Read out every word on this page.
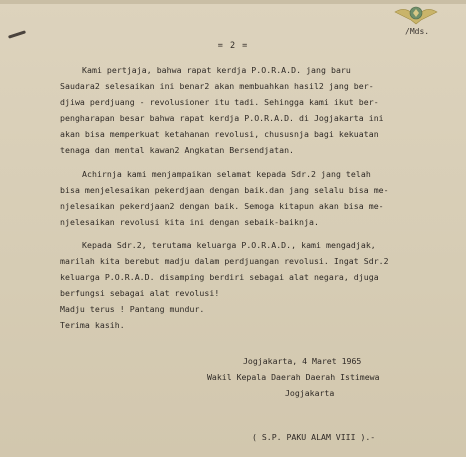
/Mds.
= 2 =
Kami pertjaja, bahwa rapat kerdja P.O.R.A.D. jang baru
Saudara2 selesaikan ini benar2 akan membuahkan hasil2 jang ber-
djiwa perdjuang - revolusioner itu tadi. Sehingga kami ikut ber-
pengharapan besar bahwa rapat kerdja P.O.R.A.D. di Jogjakarta ini
akan bisa memperkuat ketahanan revolusi, chususnja bagi kekuatan
tenaga dan mental kawan2 Angkatan Bersendjatan.
Achirnja kami menjampaikan selamat kepada Sdr.2 jang telah
bisa menjelesaikan pekerdjaan dengan baik.dan jang selalu bisa me-
njelesaikan pekerdjaan2 dengan baik. Semoga kitapun akan bisa me-
njelesaikan revolusi kita ini dengan sebaik-baiknja.
Kepada Sdr.2, terutama keluarga P.O.R.A.D., kami mengadjak,
marilah kita berebut madju dalam perdjuangan revolusi. Ingat Sdr.2
keluarga P.O.R.A.D. disamping berdiri sebagai alat negara, djuga
berfungsi sebagai alat revolusi!
Madju terus ! Pantang mundur.
Terima kasih.
Jogjakarta, 4 Maret 1965
Wakil Kepala Daerah Daerah Istimewa
Jogjakarta
( S.P. PAKU ALAM VIII ).-
